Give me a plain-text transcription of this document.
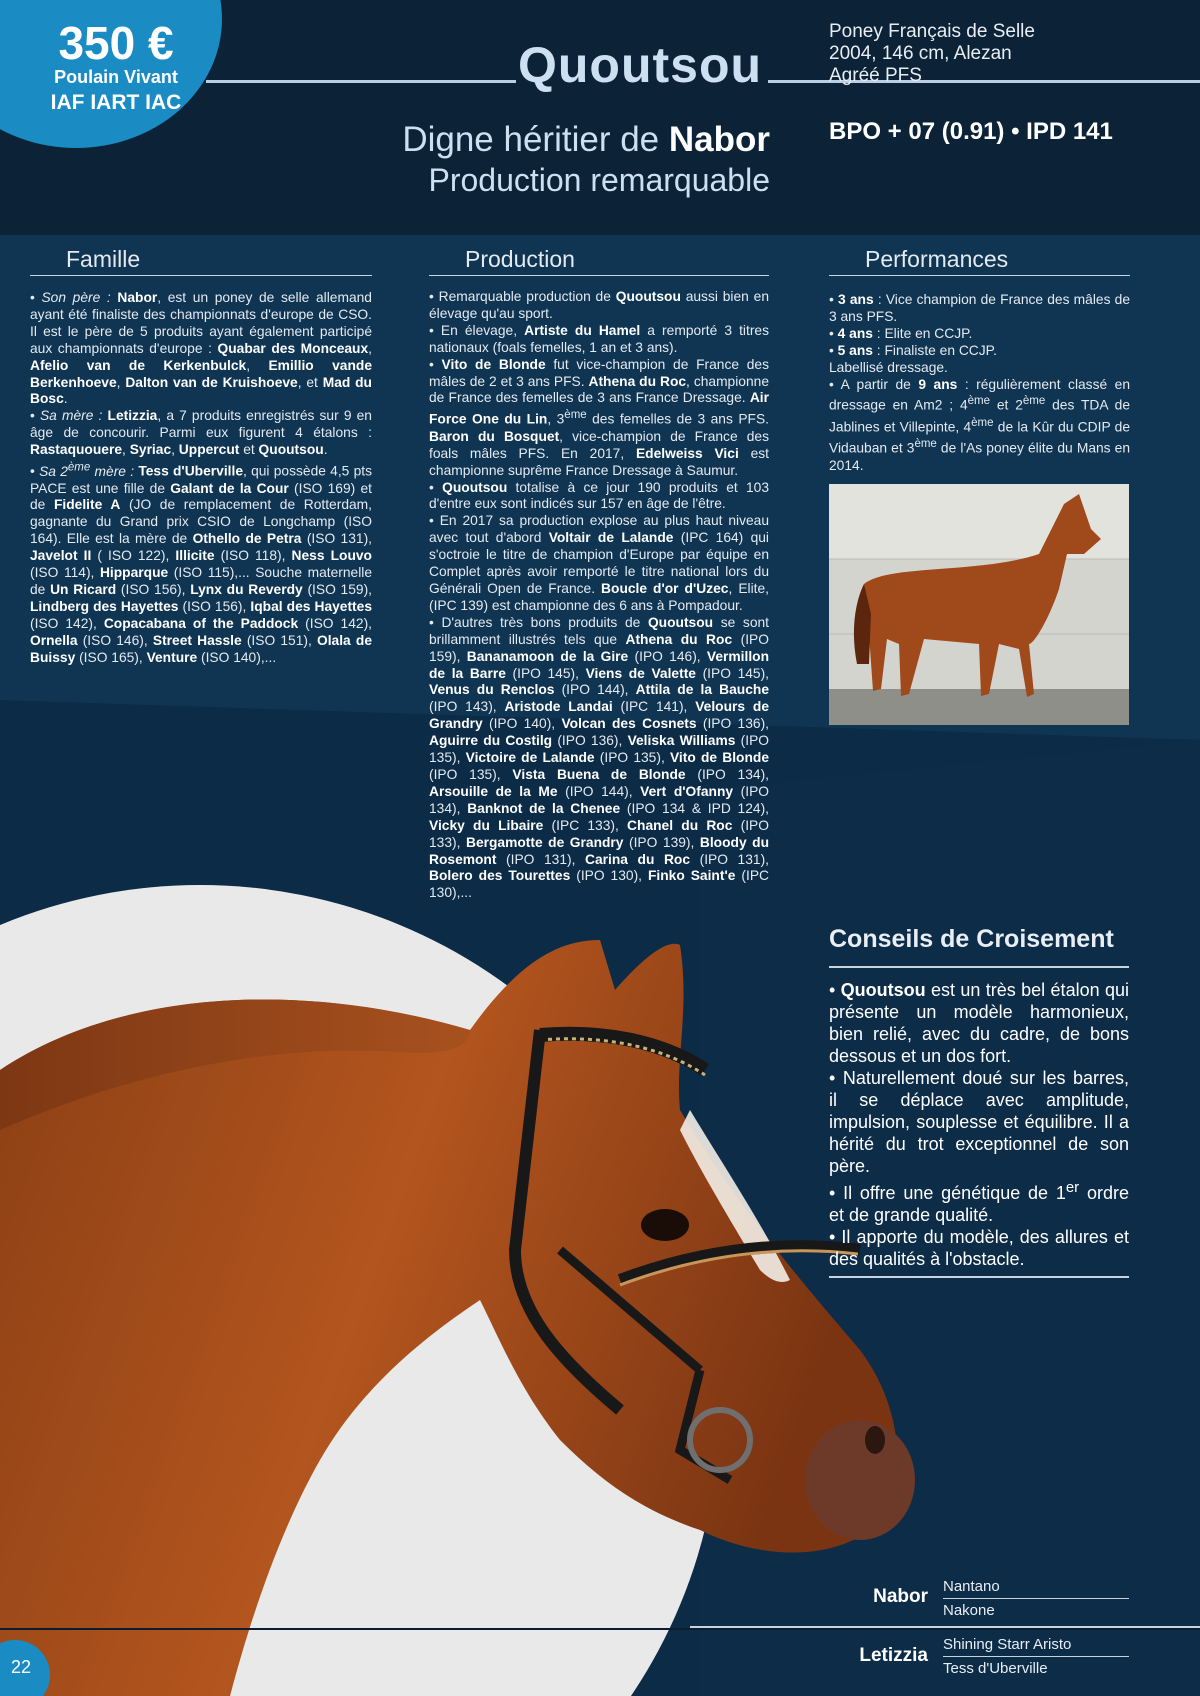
350 €
Poulain Vivant
IAF IART IAC
Quoutsou
Poney Français de Selle
2004, 146 cm, Alezan
Agréé PFS
Digne héritier de Nabor
Production remarquable
BPO + 07 (0.91) • IPD 141
Famille	Production	Performances

• Son père : Nabor, est un poney de selle allemand ayant été finaliste des championnats d'europe de CSO. Il est le père de 5 produits ayant également participé aux championnats d'europe : Quabar des Monceaux, Afelio van de Kerkenbulck, Emillio vande Berkenhoeve, Dalton van de Kruishoeve, et Mad du Bosc.

• Sa mère : Letizzia, a 7 produits enregistrés sur 9 en âge de concourir. Parmi eux figurent 4 étalons : Rastaquouere, Syriac, Uppercut et Quoutsou.

• Sa 2ème mère : Tess d'Uberville, qui possède 4,5 pts PACE est une fille de Galant de la Cour (ISO 169) et de Fidelite A (JO de remplacement de Rotterdam, gagnante du Grand prix CSIO de Longchamp (ISO 164). Elle est la mère de Othello de Petra (ISO 131), Javelot II ( ISO 122), Illicite (ISO 118), Ness Louvo (ISO 114), Hipparque (ISO 115),... Souche maternelle de Un Ricard (ISO 156), Lynx du Reverdy (ISO 159), Lindberg des Hayettes (ISO 156), Iqbal des Hayettes (ISO 142), Copacabana of the Paddock (ISO 142), Ornella (ISO 146), Street Hassle (ISO 151), Olala de Buissy (ISO 165), Venture (ISO 140),...

• Remarquable production de Quoutsou aussi bien en élevage qu'au sport.

• En élevage, Artiste du Hamel a remporté 3 titres nationaux (foals femelles, 1 an et 3 ans).

• Vito de Blonde fut vice-champion de France des mâles de 2 et 3 ans PFS. Athena du Roc, championne de France des femelles de 3 ans France Dressage. Air Force One du Lin, 3ème des femelles de 3 ans PFS. Baron du Bosquet, vice-champion de France des foals mâles PFS. En 2017, Edelweiss Vici est championne suprême France Dressage à Saumur.

• Quoutsou totalise à ce jour 190 produits et 103 d'entre eux sont indicés sur 157 en âge de l'être.

• En 2017 sa production explose au plus haut niveau avec tout d'abord Voltair de Lalande (IPC 164) qui s'octroie le titre de champion d'Europe par équipe en Complet après avoir remporté le titre national lors du Générali Open de France. Boucle d'or d'Uzec, Elite, (IPC 139) est championne des 6 ans à Pompadour.

• D'autres très bons produits de Quoutsou se sont brillamment illustrés tels que Athena du Roc (IPO 159), Bananamoon de la Gire (IPO 146), Vermillon de la Barre (IPO 145), Viens de Valette (IPO 145), Venus du Renclos (IPO 144), Attila de la Bauche (IPO 143), Aristode Landai (IPC 141), Velours de Grandry (IPO 140), Volcan des Cosnets (IPO 136), Aguirre du Costilg (IPO 136), Veliska Williams (IPO 135), Victoire de Lalande (IPO 135), Vito de Blonde (IPO 135), Vista Buena de Blonde (IPO 134), Arsouille de la Me (IPO 144), Vert d'Ofanny (IPO 134), Banknot de la Chenee (IPO 134 & IPD 124), Vicky du Libaire (IPC 133), Chanel du Roc (IPO 133), Bergamotte de Grandry (IPO 139), Bloody du Rosemont (IPO 131), Carina du Roc (IPO 131), Bolero des Tourettes (IPO 130), Finko Saint'e (IPC 130),...

• 3 ans : Vice champion de France des mâles de 3 ans PFS.

• 4 ans : Elite en CCJP.

• 5 ans : Finaliste en CCJP.

Labellisé dressage.

• A partir de 9 ans : régulièrement classé en dressage en Am2 ; 4ème et 2ème des TDA de Jablines et Villepinte, 4ème de la Kûr du CDIP de Vidauban et 3ème de l'As poney élite du Mans en 2014.

Conseils de Croisement

• Quoutsou est un très bel étalon qui présente un modèle harmonieux, bien relié, avec du cadre, de bons dessous et un dos fort.

• Naturellement doué sur les barres, il se déplace avec amplitude, impulsion, souplesse et équilibre. Il a hérité du trot exceptionnel de son père.

• Il offre une génétique de 1er ordre et de grande qualité.

• Il apporte du modèle, des allures et des qualités à l'obstacle.

Nabor Nantano
Nakone
Letizzia
Shining Starr Aristo
Tess d'Uberville
22
